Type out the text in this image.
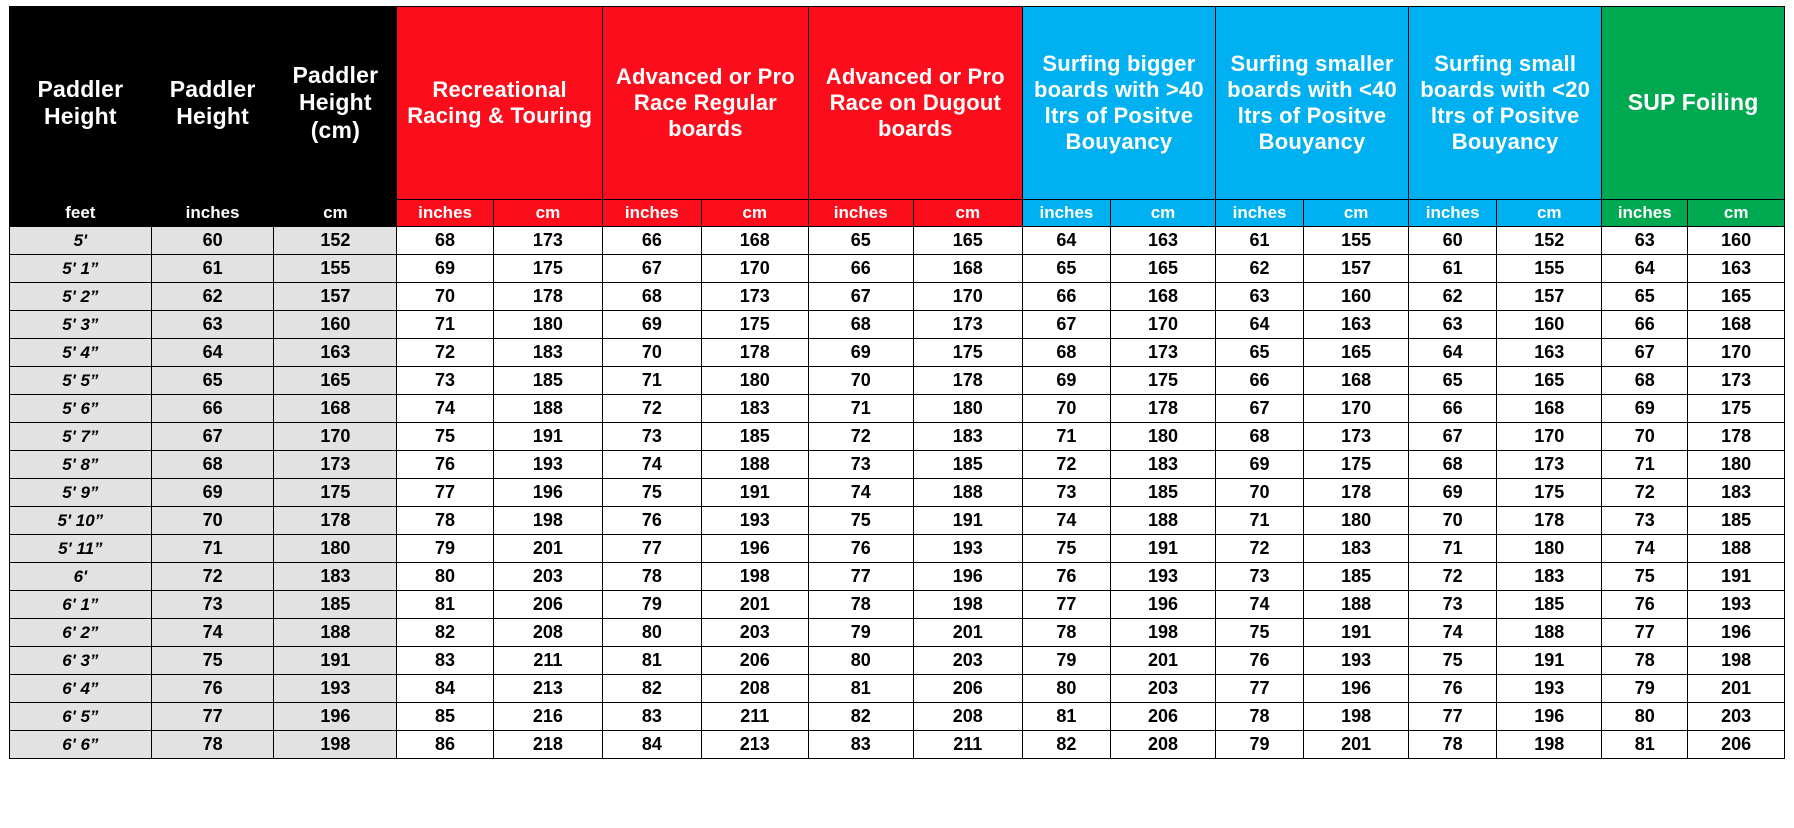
Paddler Height	Paddler Height	Paddler Height (cm)	Recreational Racing & Touring		Advanced or Pro Race Regular boards		Advanced or Pro Race on Dugout boards		Surfing bigger boards with >40 ltrs of Positve Bouyancy		Surfing smaller boards with <40 ltrs of Positve Bouyancy		Surfing small boards with <20 ltrs of Positve Bouyancy		SUP Foiling	
feet	inches	cm	inches	cm	inches	cm	inches	cm	inches	cm	inches	cm	inches	cm	inches	cm
5'	60	152	68	173	66	168	65	165	64	163	61	155	60	152	63	160
5' 1”	61	155	69	175	67	170	66	168	65	165	62	157	61	155	64	163
5' 2”	62	157	70	178	68	173	67	170	66	168	63	160	62	157	65	165
5' 3”	63	160	71	180	69	175	68	173	67	170	64	163	63	160	66	168
5' 4”	64	163	72	183	70	178	69	175	68	173	65	165	64	163	67	170
5' 5”	65	165	73	185	71	180	70	178	69	175	66	168	65	165	68	173
5' 6”	66	168	74	188	72	183	71	180	70	178	67	170	66	168	69	175
5' 7”	67	170	75	191	73	185	72	183	71	180	68	173	67	170	70	178
5' 8”	68	173	76	193	74	188	73	185	72	183	69	175	68	173	71	180
5' 9”	69	175	77	196	75	191	74	188	73	185	70	178	69	175	72	183
5' 10”	70	178	78	198	76	193	75	191	74	188	71	180	70	178	73	185
5' 11”	71	180	79	201	77	196	76	193	75	191	72	183	71	180	74	188
6'	72	183	80	203	78	198	77	196	76	193	73	185	72	183	75	191
6' 1”	73	185	81	206	79	201	78	198	77	196	74	188	73	185	76	193
6' 2”	74	188	82	208	80	203	79	201	78	198	75	191	74	188	77	196
6' 3”	75	191	83	211	81	206	80	203	79	201	76	193	75	191	78	198
6' 4”	76	193	84	213	82	208	81	206	80	203	77	196	76	193	79	201
6' 5”	77	196	85	216	83	211	82	208	81	206	78	198	77	196	80	203
6' 6”	78	198	86	218	84	213	83	211	82	208	79	201	78	198	81	206
